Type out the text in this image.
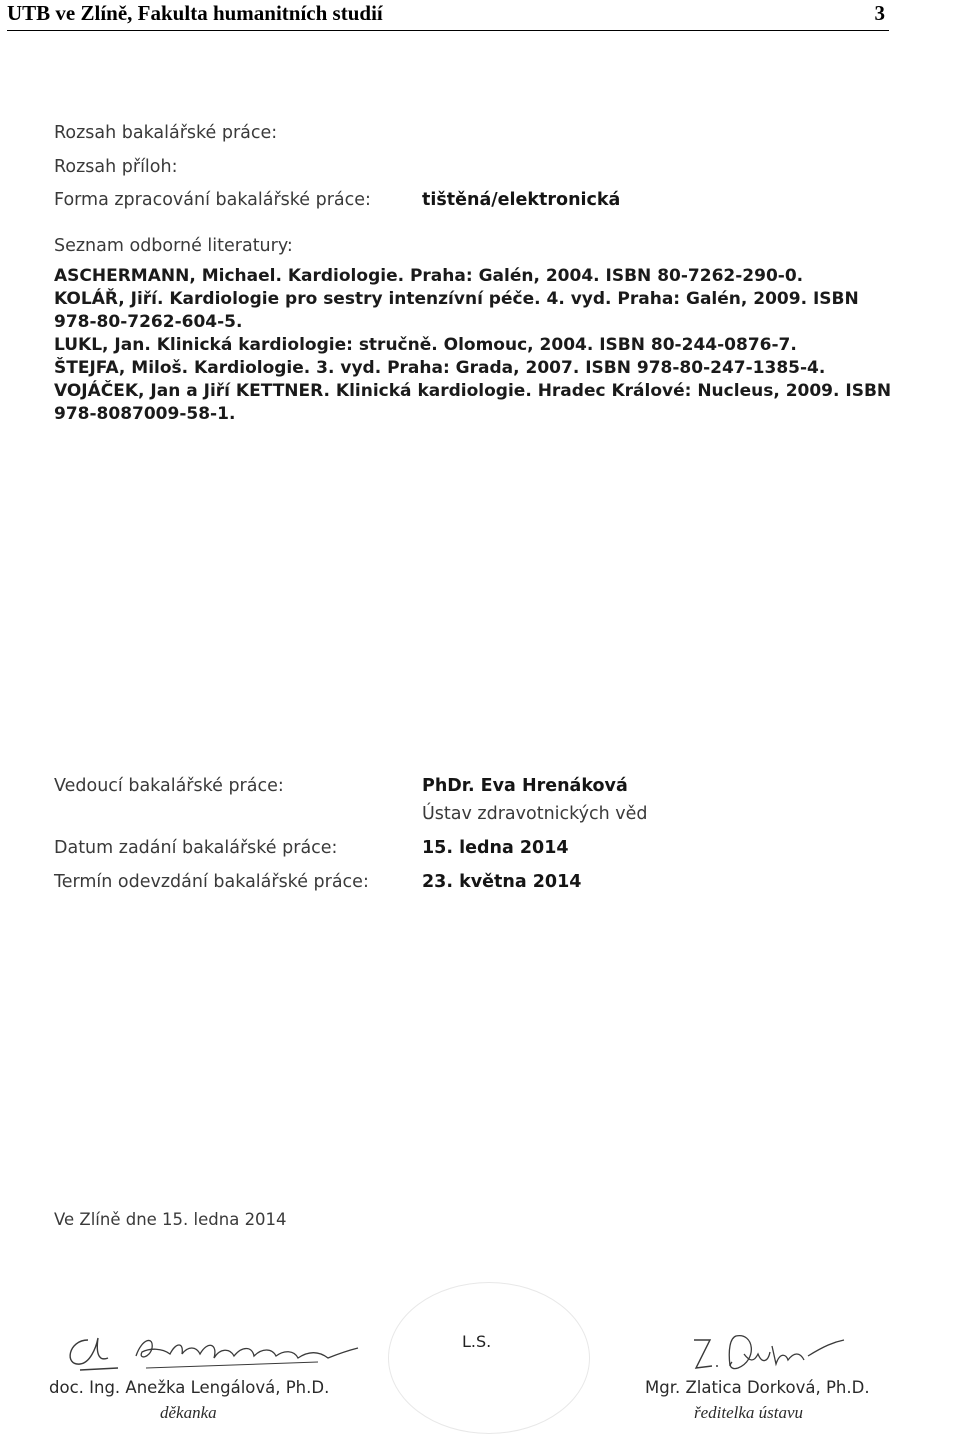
UTB ve Zlíně, Fakulta humanitních studií	3
Rozsah bakalářské práce:
Rozsah příloh:
Forma zpracování bakalářské práce:	tištěná/elektronická
Seznam odborné literatury:
ASCHERMANN, Michael. Kardiologie. Praha: Galén, 2004. ISBN 80-7262-290-0.
KOLÁŘ, Jiří. Kardiologie pro sestry intenzívní péče. 4. vyd. Praha: Galén, 2009. ISBN
978-80-7262-604-5.
LUKL, Jan. Klinická kardiologie: stručně. Olomouc, 2004. ISBN 80-244-0876-7.
ŠTEJFA, Miloš. Kardiologie. 3. vyd. Praha: Grada, 2007. ISBN 978-80-247-1385-4.
VOJÁČEK, Jan a Jiří KETTNER. Klinická kardiologie. Hradec Králové: Nucleus, 2009. ISBN
978-8087009-58-1.
Vedoucí bakalářské práce:	PhDr. Eva Hrenáková
Ústav zdravotnických věd
Datum zadání bakalářské práce:	15. ledna 2014
Termín odevzdání bakalářské práce:	23. května 2014
Ve Zlíně dne 15. ledna 2014
L.S.
doc. Ing. Anežka Lengálová, Ph.D.
děkanka
Mgr. Zlatica Dorková, Ph.D.
ředitelka ústavu
